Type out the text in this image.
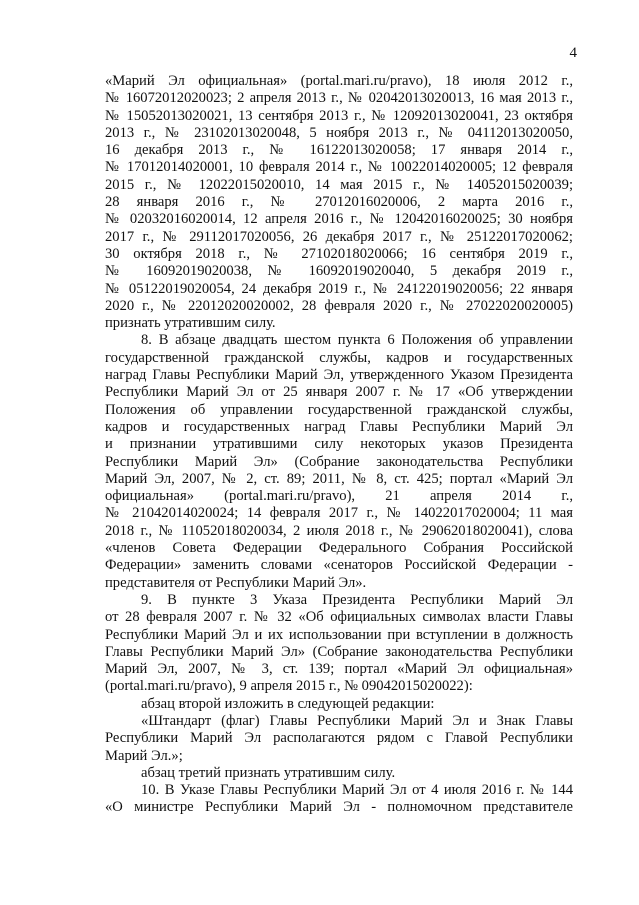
4
«Марий Эл официальная» (portal.mari.ru/pravo), 18 июля 2012 г.,
№ 16072012020023; 2 апреля 2013 г., № 02042013020013, 16 мая 2013 г.,
№ 15052013020021, 13 сентября 2013 г., № 12092013020041, 23 октября
2013 г., № 23102013020048, 5 ноября 2013 г., № 04112013020050,
16 декабря 2013 г., № 16122013020058; 17 января 2014 г.,
№ 17012014020001, 10 февраля 2014 г., № 10022014020005; 12 февраля
2015 г., № 12022015020010, 14 мая 2015 г., № 14052015020039;
28 января 2016 г., № 27012016020006, 2 марта 2016 г.,
№ 02032016020014, 12 апреля 2016 г., № 12042016020025; 30 ноября
2017 г., № 29112017020056, 26 декабря 2017 г., № 25122017020062;
30 октября 2018 г., № 27102018020066; 16 сентября 2019 г.,
№ 16092019020038, № 16092019020040, 5 декабря 2019 г.,
№ 05122019020054, 24 декабря 2019 г., № 24122019020056; 22 января
2020 г., № 22012020020002, 28 февраля 2020 г., № 27022020020005)
признать утратившим силу.
8. В абзаце двадцать шестом пункта 6 Положения об управлении
государственной гражданской службы, кадров и государственных
наград Главы Республики Марий Эл, утвержденного Указом Президента
Республики Марий Эл от 25 января 2007 г. № 17 «Об утверждении
Положения об управлении государственной гражданской службы,
кадров и государственных наград Главы Республики Марий Эл
и признании утратившими силу некоторых указов Президента
Республики Марий Эл» (Собрание законодательства Республики
Марий Эл, 2007, № 2, ст. 89; 2011, № 8, ст. 425; портал «Марий Эл
официальная» (portal.mari.ru/pravo), 21 апреля 2014 г.,
№ 21042014020024; 14 февраля 2017 г., № 14022017020004; 11 мая
2018 г., № 11052018020034, 2 июля 2018 г., № 29062018020041), слова
«членов Совета Федерации Федерального Собрания Российской
Федерации» заменить словами «сенаторов Российской Федерации -
представителя от Республики Марий Эл».
9. В пункте 3 Указа Президента Республики Марий Эл
от 28 февраля 2007 г. № 32 «Об официальных символах власти Главы
Республики Марий Эл и их использовании при вступлении в должность
Главы Республики Марий Эл» (Собрание законодательства Республики
Марий Эл, 2007, № 3, ст. 139; портал «Марий Эл официальная»
(portal.mari.ru/pravo), 9 апреля 2015 г., № 09042015020022):
абзац второй изложить в следующей редакции:
«Штандарт (флаг) Главы Республики Марий Эл и Знак Главы
Республики Марий Эл располагаются рядом с Главой Республики
Марий Эл.»;
абзац третий признать утратившим силу.
10. В Указе Главы Республики Марий Эл от 4 июля 2016 г. № 144
«О министре Республики Марий Эл - полномочном представителе
